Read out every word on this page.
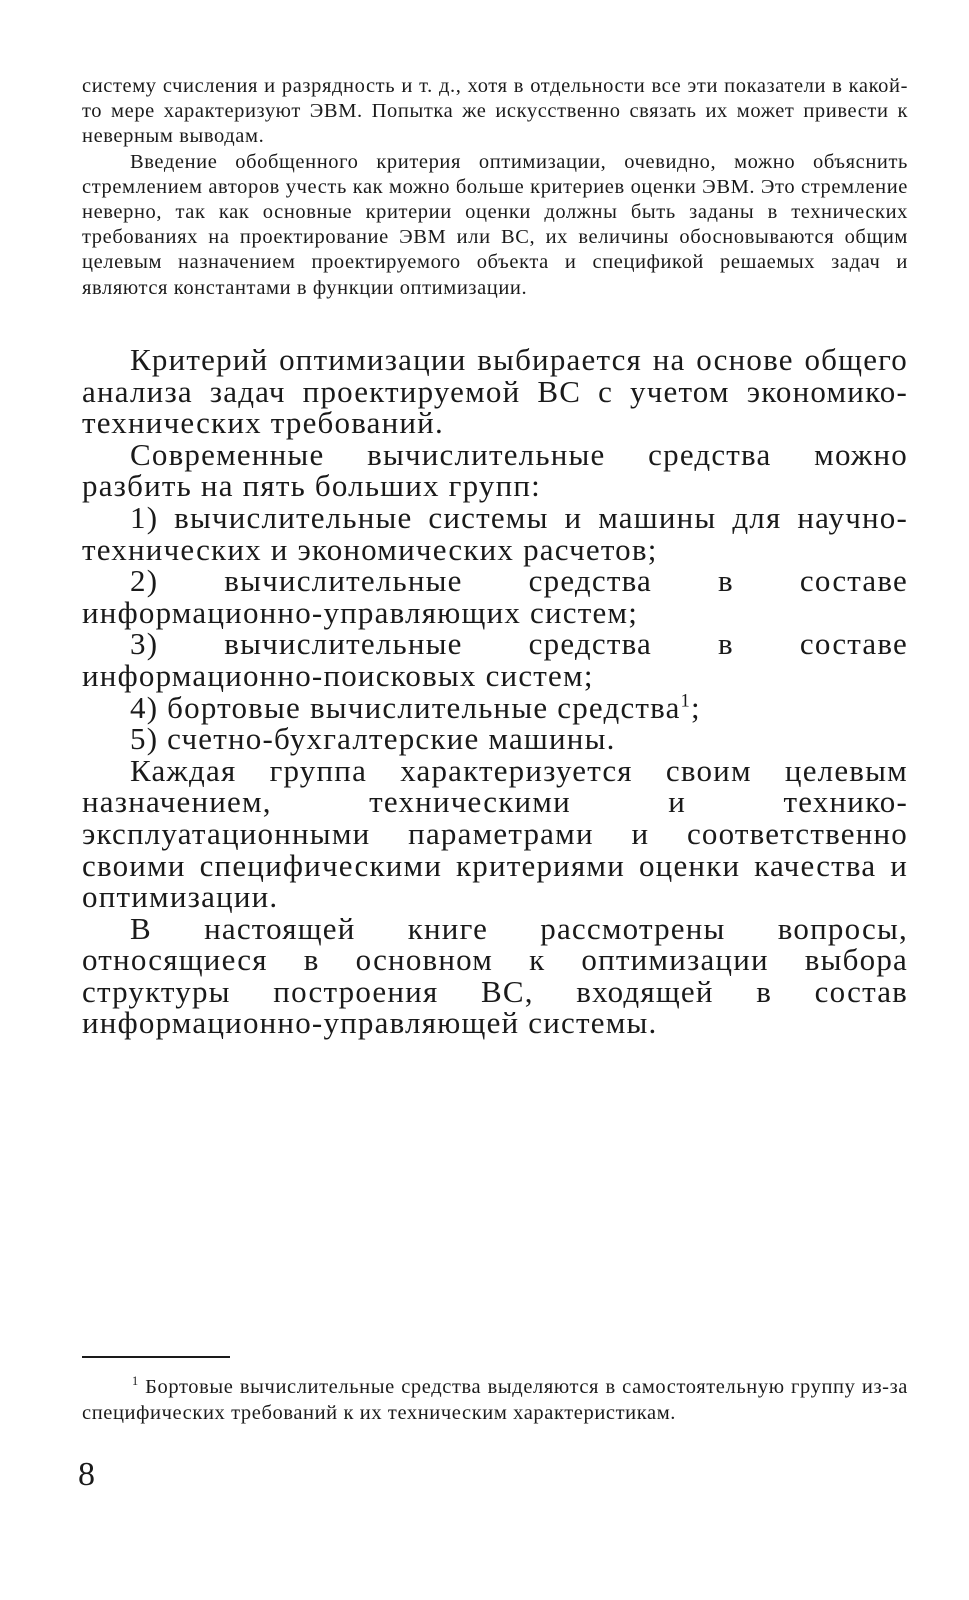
систему счисления и разрядность и т. д., хотя в отдельности все эти показатели в какой-то мере характеризуют ЭВМ. Попытка же искусственно связать их может привести к неверным выводам.

Введение обобщенного критерия оптимизации, очевидно, можно объяснить стремлением авторов учесть как можно больше критериев оценки ЭВМ. Это стремление неверно, так как основные критерии оценки должны быть заданы в технических требованиях на проектирование ЭВМ или ВС, их величины обосновываются общим целевым назначением проектируемого объекта и спецификой решаемых задач и являются константами в функции оптимизации.

Критерий оптимизации выбирается на основе общего анализа задач проектируемой ВС с учетом экономико-технических требований.

Современные вычислительные средства можно разбить на пять больших групп:

1) вычислительные системы и машины для научно-технических и экономических расчетов;

2) вычислительные средства в составе информационно-управляющих систем;

3) вычислительные средства в составе информационно-поисковых систем;

4) бортовые вычислительные средства$^1$;

5) счетно-бухгалтерские машины.

Каждая группа характеризуется своим целевым назначением, техническими и технико-эксплуатационными параметрами и соответственно своими специфическими критериями оценки качества и оптимизации.

В настоящей книге рассмотрены вопросы, относящиеся в основном к оптимизации выбора структуры построения ВС, входящей в состав информационно-управляющей системы.

$^1$ Бортовые вычислительные средства выделяются в самостоятельную группу из-за специфических требований к их техническим характеристикам.

8
